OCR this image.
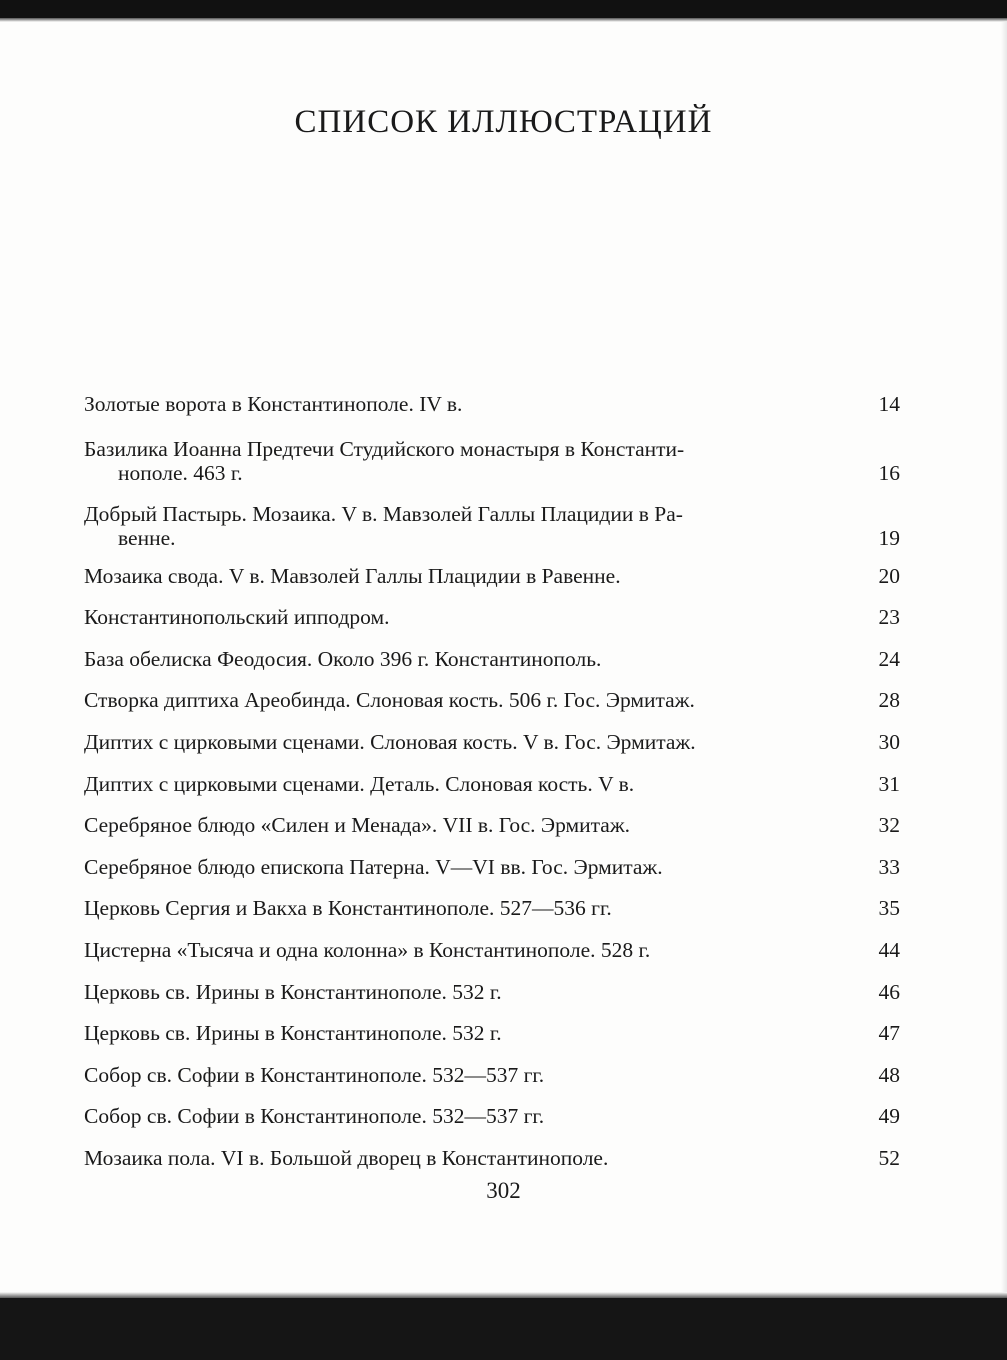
СПИСОК ИЛЛЮСТРАЦИЙ
Золотые ворота в Константинополе. IV в.	14
Базилика Иоанна Предтечи Студийского монастыря в Константи-
нополе. 463 г.	16
Добрый Пастырь. Мозаика. V в. Мавзолей Галлы Плацидии в Ра-
венне.	19
Мозаика свода. V в. Мавзолей Галлы Плацидии в Равенне.	20
Константинопольский ипподром.	23
База обелиска Феодосия. Около 396 г. Константинополь.	24
Створка диптиха Ареобинда. Слоновая кость. 506 г. Гос. Эрмитаж.	28
Диптих с цирковыми сценами. Слоновая кость. V в. Гос. Эрмитаж.	30
Диптих с цирковыми сценами. Деталь. Слоновая кость. V в.	31
Серебряное блюдо «Силен и Менада». VII в. Гос. Эрмитаж.	32
Серебряное блюдо епископа Патерна. V—VI вв. Гос. Эрмитаж.	33
Церковь Сергия и Вакха в Константинополе. 527—536 гг.	35
Цистерна «Тысяча и одна колонна» в Константинополе. 528 г.	44
Церковь св. Ирины в Константинополе. 532 г.	46
Церковь св. Ирины в Константинополе. 532 г.	47
Собор св. Софии в Константинополе. 532—537 гг.	48
Собор св. Софии в Константинополе. 532—537 гг.	49
Мозаика пола. VI в. Большой дворец в Константинополе.	52
302
